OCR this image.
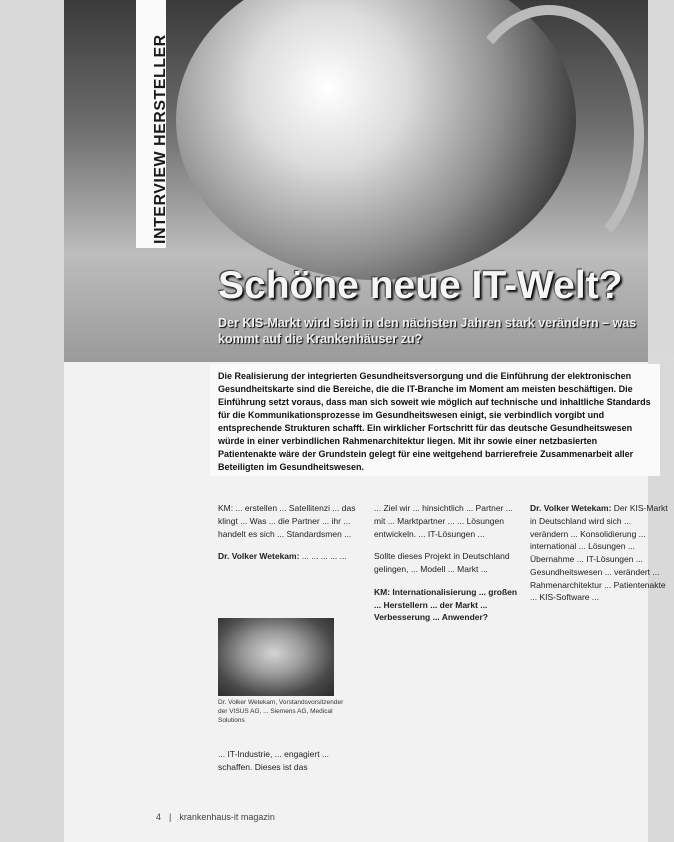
INTERVIEW HERSTELLER
Schöne neue IT-Welt?
Der KIS-Markt wird sich in den nächsten Jahren stark verändern – was kommt auf die Krankenhäuser zu?
Foto: Bildarchiv
Die Realisierung der integrierten Gesundheitsversorgung und die Einführung der elektronischen Gesundheitskarte sind die Bereiche, die die IT-Branche im Moment am meisten beschäftigen. Die Einführung setzt voraus, dass man sich soweit wie möglich auf technische und inhaltliche Standards für die Kommunikationsprozesse im Gesundheitswesen einigt, sie verbindlich vorgibt und entsprechende Strukturen schafft. Ein wirklicher Fortschritt für das deutsche Gesundheitswesen würde in einer verbindlichen Rahmenarchitektur liegen. Mit ihr sowie einer netzbasierten Patientenakte wäre der Grundstein gelegt für eine weitgehend barrierefreie Zusammenarbeit aller Beteiligten im Gesundheitswesen.

KM: ... erstellen ... Satellitenzi ... das klingt ... Was ... die Partner ... ihr ... handelt es sich ... Standardsmen ...

Dr. Volker Wetekam: ... ... ... ... ...

Dr. Volker Wetekam, Vorstandsvorsitzender der VISUS AG, ... Siemens AG, Medical Solutions
... IT-Industrie, ... engagiert ... schaffen. Dieses ist das

... Ziel wir ... hinsichtlich ... Partner ... mit ... Marktpartner ... ... Lösungen entwickeln. ... IT-Lösungen ...

Sollte dieses Projekt in Deutschland gelingen, ... Modell ... Markt ...

KM: Internationalisierung ... großen ... Herstellern ... der Markt ... Verbesserung ... Anwender?

Dr. Volker Wetekam: Der KIS-Markt in Deutschland wird sich ... verändern ... Konsolidierung ... international ... Lösungen ... Übernahme ... IT-Lösungen ... Gesundheitswesen ... verändert ... Rahmenarchitektur ... Patientenakte ... KIS-Software ...

4 | krankenhaus-it magazin
